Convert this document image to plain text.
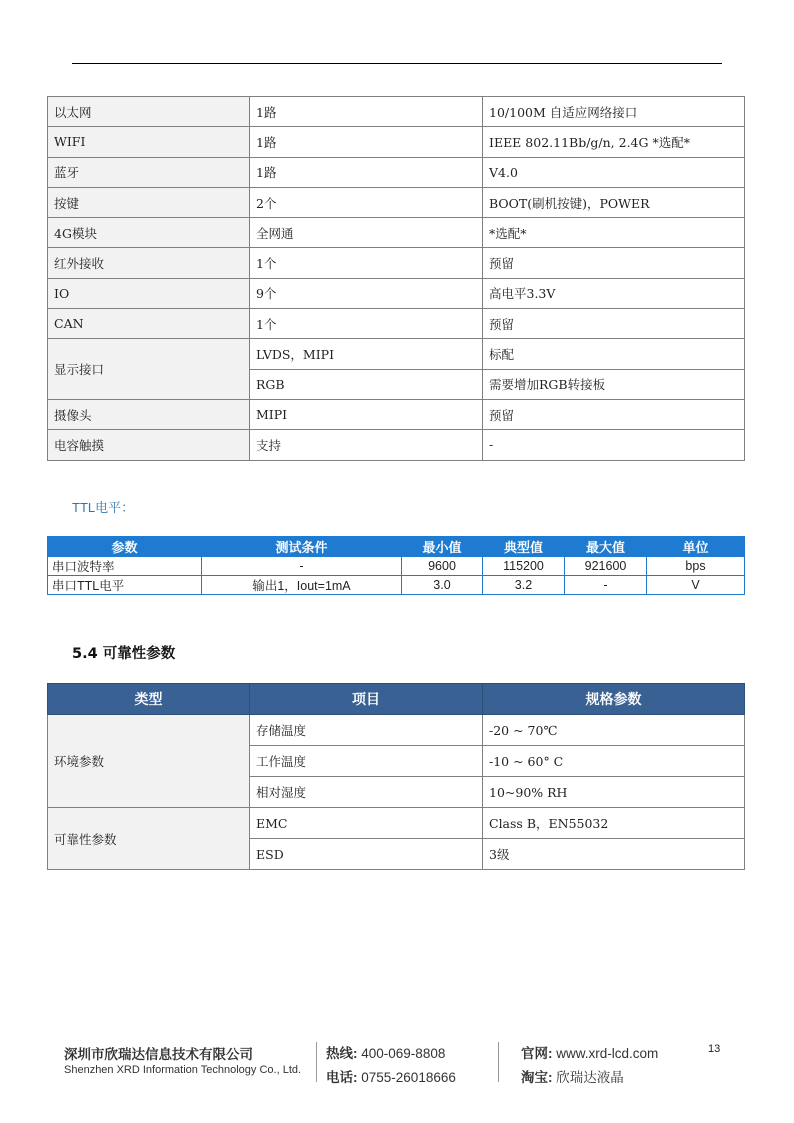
以太网	1路	10/100M 自适应网络接口
WIFI	1路	IEEE 802.11Bb/g/n, 2.4G *选配*
蓝牙	1路	V4.0
按键	2个	BOOT(刷机按键)，POWER
4G模块	全网通	*选配*
红外接收	1个	预留
IO	9个	高电平3.3V
CAN	1个	预留
显示接口	LVDS，MIPI	标配
	RGB	需要增加RGB转接板
摄像头	MIPI	预留
电容触摸	支持	-
TTL电平：
参数	测试条件	最小值	典型值	最大值	单位
串口波特率	-	9600	115200	921600	bps
串口TTL电平	输出1，Iout=1mA	3.0	3.2	-	V
5.4 可靠性参数
类型	项目	规格参数
环境参数	存储温度	-20 ~ 70℃
	工作温度	-10 ~ 60° C
	相对湿度	10~90% RH
可靠性参数	EMC	Class B，EN55032
	ESD	3级
深圳市欣瑞达信息技术有限公司
Shenzhen XRD Information Technology Co., Ltd.
热线: 400-069-8808
电话: 0755-26018666
官网: www.xrd-lcd.com
淘宝: 欣瑞达液晶
13
